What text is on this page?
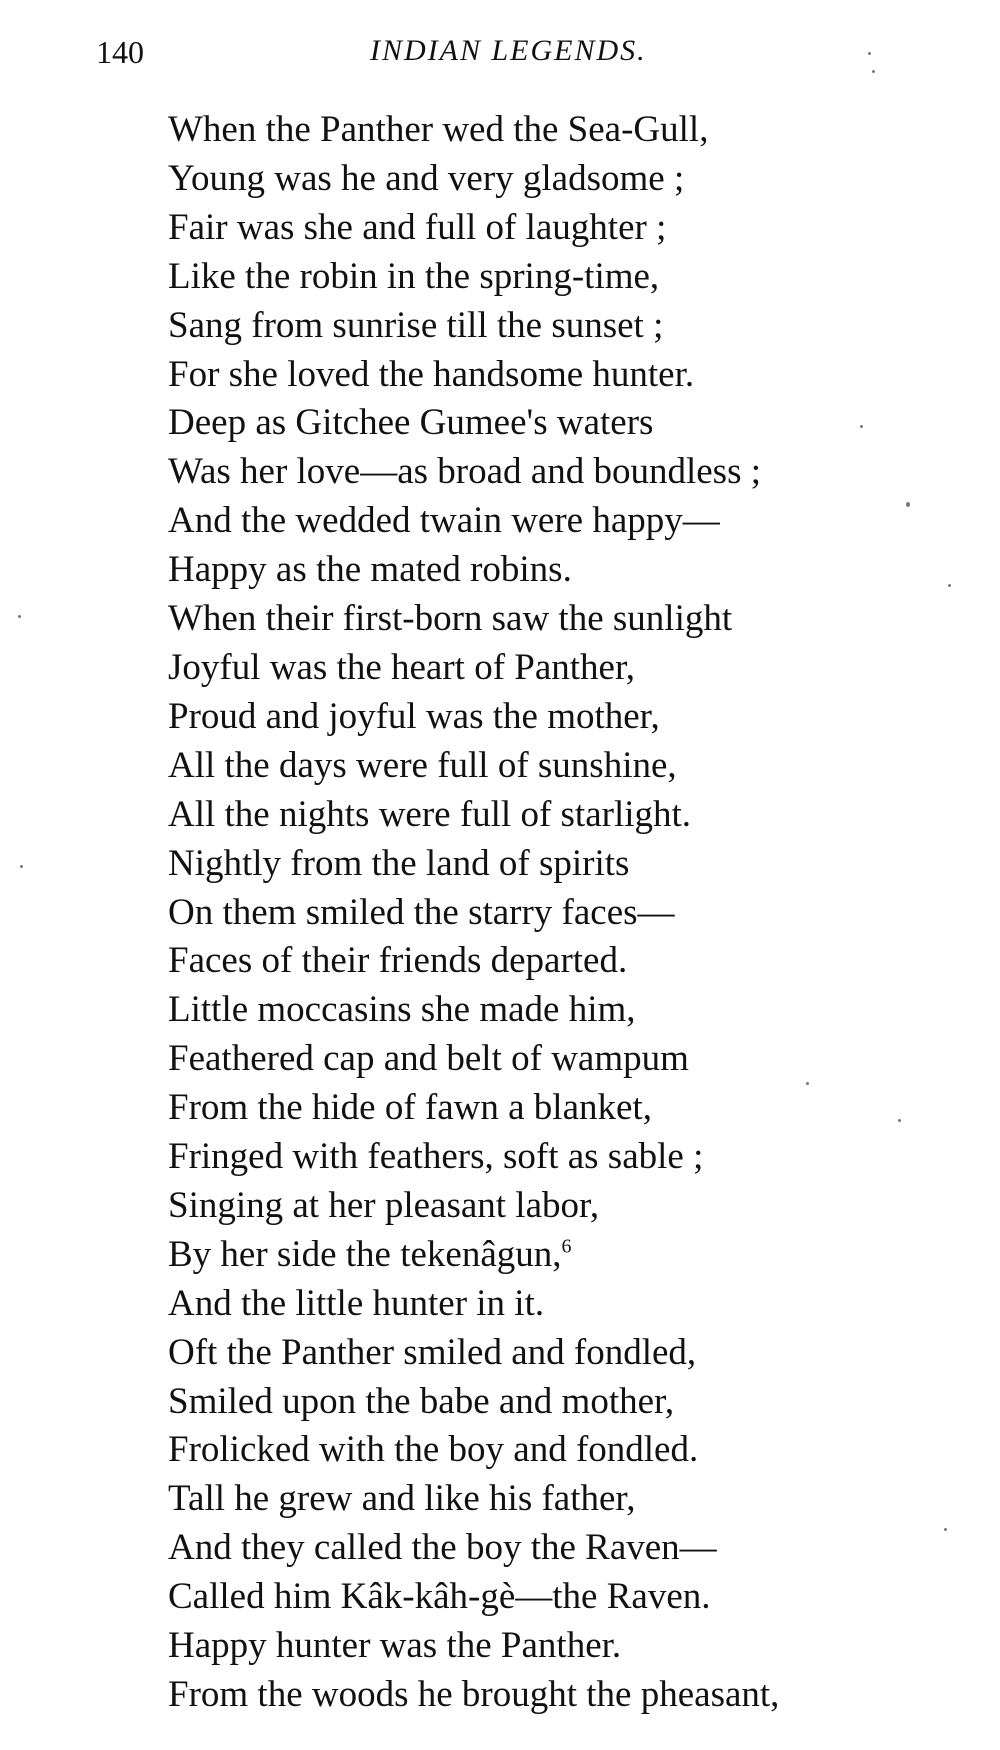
140	INDIAN LEGENDS.
When the Panther wed the Sea-Gull,
Young was he and very gladsome ;
Fair was she and full of laughter ;
Like the robin in the spring-time,
Sang from sunrise till the sunset ;
For she loved the handsome hunter.
Deep as Gitchee Gumee's waters
Was her love—as broad and boundless ;
And the wedded twain were happy—
Happy as the mated robins.
When their first-born saw the sunlight
Joyful was the heart of Panther,
Proud and joyful was the mother,
All the days were full of sunshine,
All the nights were full of starlight.
Nightly from the land of spirits
On them smiled the starry faces—
Faces of their friends departed.
Little moccasins she made him,
Feathered cap and belt of wampum
From the hide of fawn a blanket,
Fringed with feathers, soft as sable ;
Singing at her pleasant labor,
By her side the tekenâgun,$^6$
And the little hunter in it.
Oft the Panther smiled and fondled,
Smiled upon the babe and mother,
Frolicked with the boy and fondled.
Tall he grew and like his father,
And they called the boy the Raven—
Called him Kâk-kâh-gè—the Raven.
Happy hunter was the Panther.
From the woods he brought the pheasant,
